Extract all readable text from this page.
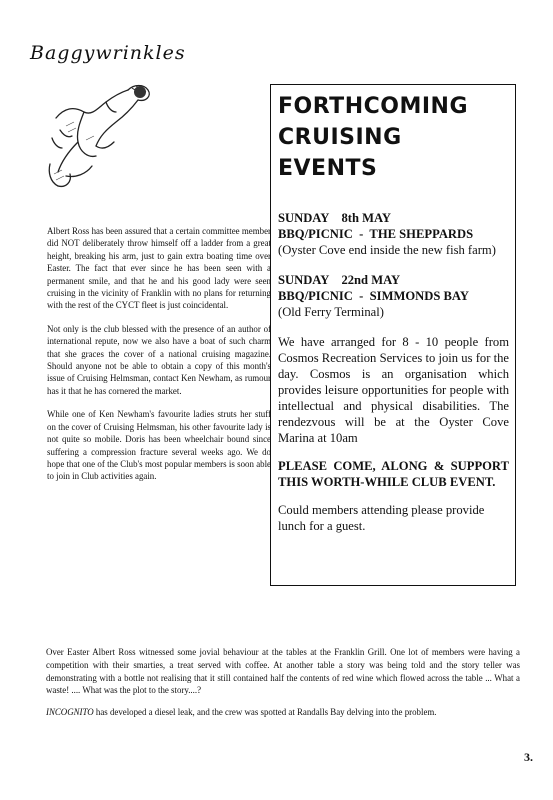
Baggywrinkles

Albert Ross has been assured that a certain committee member did NOT deliberately throw himself off a ladder from a great height, breaking his arm, just to gain extra boating time over Easter. The fact that ever since he has been seen with a permanent smile, and that he and his good lady were seen cruising in the vicinity of Franklin with no plans for returning with the rest of the CYCT fleet is just coincidental.

Not only is the club blessed with the presence of an author of international repute, now we also have a boat of such charm that she graces the cover of a national cruising magazine. Should anyone not be able to obtain a copy of this month's issue of Cruising Helmsman, contact Ken Newham, as rumour has it that he has cornered the market.

While one of Ken Newham's favourite ladies struts her stuff on the cover of Cruising Helmsman, his other favourite lady is not quite so mobile. Doris has been wheelchair bound since suffering a compression fracture several weeks ago. We do hope that one of the Club's most popular members is soon able to join in Club activities again.

FORTHCOMING
CRUISING EVENTS
SUNDAY    8th MAY
BBQ/PICNIC  -  THE SHEPPARDS
(Oyster Cove end inside the new fish farm)
SUNDAY    22nd MAY
BBQ/PICNIC  -  SIMMONDS BAY
(Old Ferry Terminal)
We have arranged for 8 - 10 people from Cosmos Recreation Services to join us for the day. Cosmos is an organisation which provides leisure opportunities for people with intellectual and physical disabilities. The rendezvous will be at the Oyster Cove Marina at 10am
PLEASE COME, ALONG & SUPPORT THIS WORTH-WHILE CLUB EVENT.
Could members attending please provide lunch for a guest.

Over Easter Albert Ross witnessed some jovial behaviour at the tables at the Franklin Grill. One lot of members were having a competition with their smarties, a treat served with coffee. At another table a story was being told and the story teller was demonstrating with a bottle not realising that it still contained half the contents of red wine which flowed across the table ... What a waste! .... What was the plot to the story....?

INCOGNITO has developed a diesel leak, and the crew was spotted at Randalls Bay delving into the problem.

3.
